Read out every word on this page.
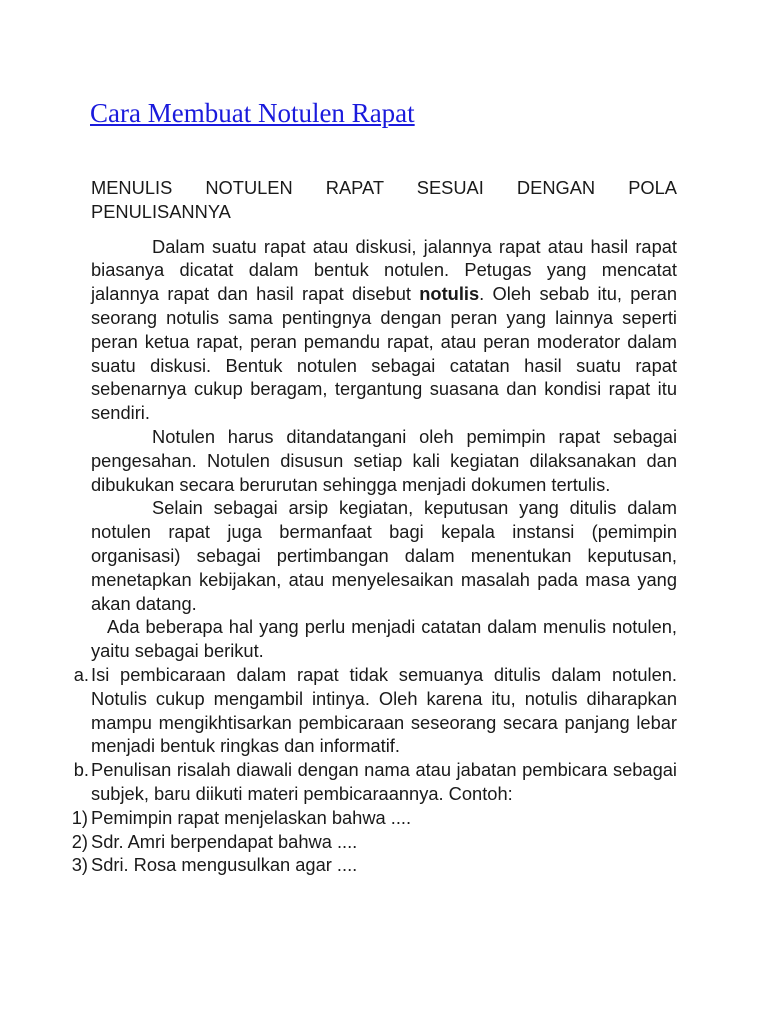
Cara Membuat Notulen Rapat

MENULIS NOTULEN RAPAT SESUAI DENGAN POLA PENULISANNYA

Dalam suatu rapat atau diskusi, jalannya rapat atau hasil rapat biasanya dicatat dalam bentuk notulen. Petugas yang mencatat jalannya rapat dan hasil rapat disebut notulis. Oleh sebab itu, peran seorang notulis sama pentingnya dengan peran yang lainnya seperti peran ketua rapat, peran pemandu rapat, atau peran moderator dalam suatu diskusi. Bentuk notulen sebagai catatan hasil suatu rapat sebenarnya cukup beragam, tergantung suasana dan kondisi rapat itu sendiri.

Notulen harus ditandatangani oleh pemimpin rapat sebagai pengesahan. Notulen disusun setiap kali kegiatan dilaksanakan dan dibukukan secara berurutan sehingga menjadi dokumen tertulis.

Selain sebagai arsip kegiatan, keputusan yang ditulis dalam notulen rapat juga bermanfaat bagi kepala instansi (pemimpin organisasi) sebagai pertimbangan dalam menentukan keputusan, menetapkan kebijakan, atau menyelesaikan masalah pada masa yang akan datang.

Ada beberapa hal yang perlu menjadi catatan dalam menulis notulen, yaitu sebagai berikut.

a. Isi pembicaraan dalam rapat tidak semuanya ditulis dalam notulen. Notulis cukup mengambil intinya. Oleh karena itu, notulis diharapkan mampu mengikhtisarkan pembicaraan seseorang secara panjang lebar menjadi bentuk ringkas dan informatif.
b. Penulisan risalah diawali dengan nama atau jabatan pembicara sebagai subjek, baru diikuti materi pembicaraannya. Contoh:
1) Pemimpin rapat menjelaskan bahwa ....
2) Sdr. Amri berpendapat bahwa ....
3) Sdri. Rosa mengusulkan agar ....
